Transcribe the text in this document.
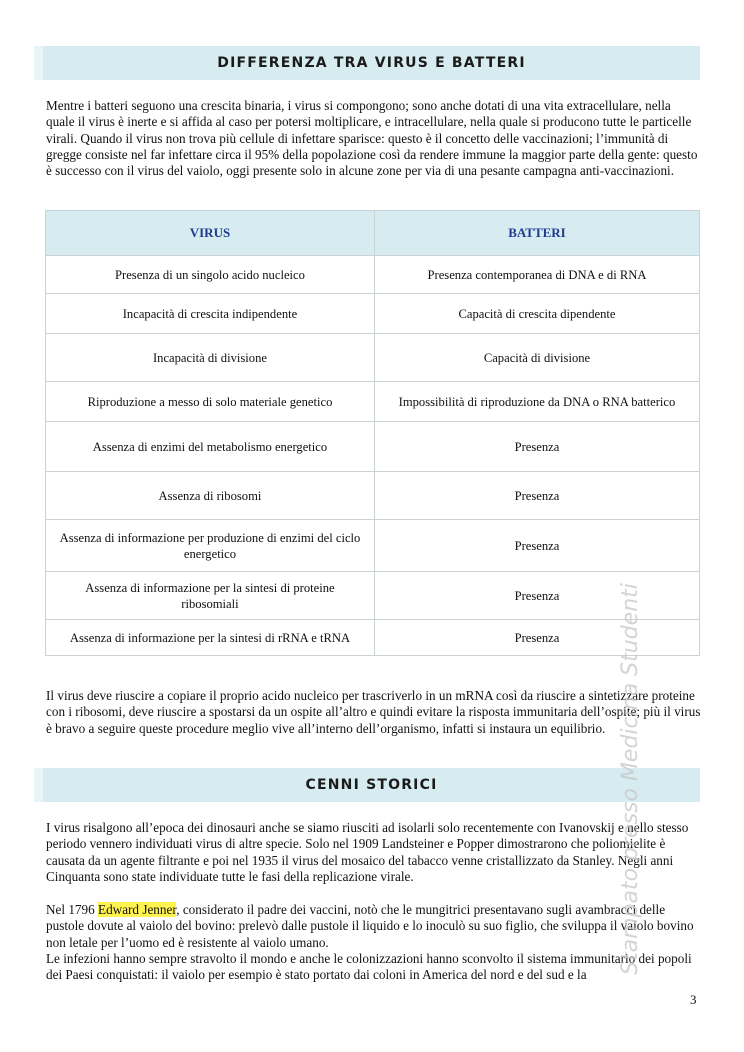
DIFFERENZA TRA VIRUS E BATTERI

Mentre i batteri seguono una crescita binaria, i virus si compongono; sono anche dotati di una vita extracellulare, nella quale il virus è inerte e si affida al caso per potersi moltiplicare, e intracellulare, nella quale si producono tutte le particelle virali. Quando il virus non trova più cellule di infettare sparisce: questo è il concetto delle vaccinazioni; l’immunità di gregge consiste nel far infettare circa il 95% della popolazione così da rendere immune la maggior parte della gente: questo è successo con il virus del vaiolo, oggi presente solo in alcune zone per via di una pesante campagna anti-vaccinazioni.

VIRUS	BATTERI
Presenza di un singolo acido nucleico	Presenza contemporanea di DNA e di RNA
Incapacità di crescita indipendente	Capacità di crescita dipendente
Incapacità di divisione	Capacità di divisione
Riproduzione a messo di solo materiale genetico	Impossibilità di riproduzione da DNA o RNA batterico
Assenza di enzimi del metabolismo energetico	Presenza
Assenza di ribosomi	Presenza
Assenza di informazione per produzione di enzimi del ciclo energetico	Presenza
Assenza di informazione per la sintesi di proteine ribosomiali	Presenza
Assenza di informazione per la sintesi di rRNA e tRNA	Presenza

Il virus deve riuscire a copiare il proprio acido nucleico per trascriverlo in un mRNA così da riuscire a sintetizzare proteine con i ribosomi, deve riuscire a spostarsi da un ospite all’altro e quindi evitare la risposta immunitaria dell’ospite; più il virus è bravo a seguire queste procedure meglio vive all’interno dell’organismo, infatti si instaura un equilibrio.

CENNI STORICI

I virus risalgono all’epoca dei dinosauri anche se siamo riusciti ad isolarli solo recentemente con Ivanovskij e nello stesso periodo vennero individuati virus di altre specie. Solo nel 1909 Landsteiner e Popper dimostrarono che poliomielite è causata da un agente filtrante e poi nel 1935 il virus del mosaico del tabacco venne cristallizzato da Stanley. Negli anni Cinquanta sono state individuate tutte le fasi della replicazione virale.

Nel 1796 Edward Jenner, considerato il padre dei vaccini, notò che le mungitrici presentavano sugli avambracci delle pustole dovute al vaiolo del bovino: prelevò dalle pustole il liquido e lo inoculò su suo figlio, che sviluppa il vaiolo bovino non letale per l’uomo ed è resistente al vaiolo umano.
Le infezioni hanno sempre stravolto il mondo e anche le colonizzazioni hanno sconvolto il sistema immunitario dei popoli dei Paesi conquistati: il vaiolo per esempio è stato portato dai coloni in America del nord e del sud e la	Stampato presso Medicina Studenti
3
